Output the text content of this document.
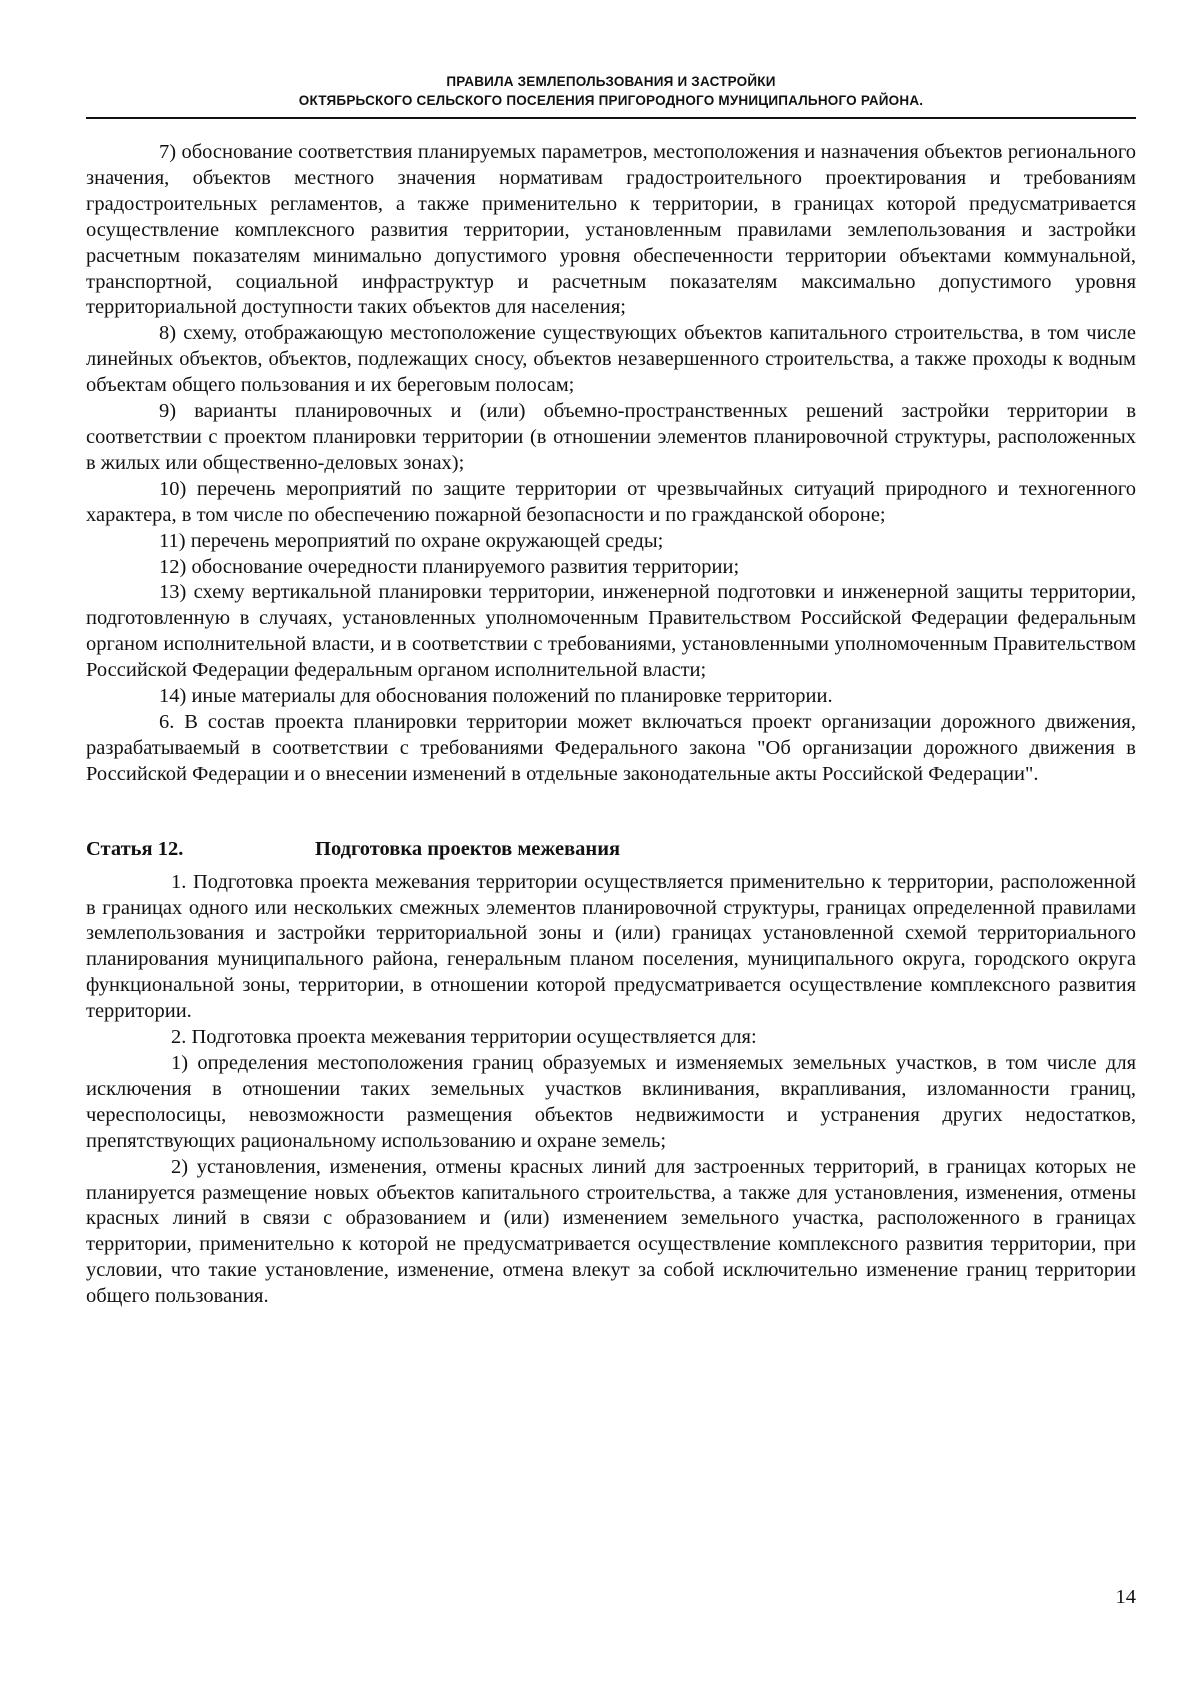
ПРАВИЛА ЗЕМЛЕПОЛЬЗОВАНИЯ И ЗАСТРОЙКИ
ОКТЯБРЬСКОГО СЕЛЬСКОГО ПОСЕЛЕНИЯ ПРИГОРОДНОГО МУНИЦИПАЛЬНОГО РАЙОНА.

7) обоснование соответствия планируемых параметров, местоположения и назначения объектов регионального значения, объектов местного значения нормативам градостроительного проектирования и требованиям градостроительных регламентов, а также применительно к территории, в границах которой предусматривается осуществление комплексного развития территории, установленным правилами землепользования и застройки расчетным показателям минимально допустимого уровня обеспеченности территории объектами коммунальной, транспортной, социальной инфраструктур и расчетным показателям максимально допустимого уровня территориальной доступности таких объектов для населения;

8) схему, отображающую местоположение существующих объектов капитального строительства, в том числе линейных объектов, объектов, подлежащих сносу, объектов незавершенного строительства, а также проходы к водным объектам общего пользования и их береговым полосам;

9) варианты планировочных и (или) объемно-пространственных решений застройки территории в соответствии с проектом планировки территории (в отношении элементов планировочной структуры, расположенных в жилых или общественно-деловых зонах);

10) перечень мероприятий по защите территории от чрезвычайных ситуаций природного и техногенного характера, в том числе по обеспечению пожарной безопасности и по гражданской обороне;

11) перечень мероприятий по охране окружающей среды;

12) обоснование очередности планируемого развития территории;

13) схему вертикальной планировки территории, инженерной подготовки и инженерной защиты территории, подготовленную в случаях, установленных уполномоченным Правительством Российской Федерации федеральным органом исполнительной власти, и в соответствии с требованиями, установленными уполномоченным Правительством Российской Федерации федеральным органом исполнительной власти;

14) иные материалы для обоснования положений по планировке территории.

6. В состав проекта планировки территории может включаться проект организации дорожного движения, разрабатываемый в соответствии с требованиями Федерального закона "Об организации дорожного движения в Российской Федерации и о внесении изменений в отдельные законодательные акты Российской Федерации".

Статья 12.	Подготовка проектов межевания

1. Подготовка проекта межевания территории осуществляется применительно к территории, расположенной в границах одного или нескольких смежных элементов планировочной структуры, границах определенной правилами землепользования и застройки территориальной зоны и (или) границах установленной схемой территориального планирования муниципального района, генеральным планом поселения, муниципального округа, городского округа функциональной зоны, территории, в отношении которой предусматривается осуществление комплексного развития территории.

2. Подготовка проекта межевания территории осуществляется для:

1) определения местоположения границ образуемых и изменяемых земельных участков, в том числе для исключения в отношении таких земельных участков вклинивания, вкрапливания, изломанности границ, чересполосицы, невозможности размещения объектов недвижимости и устранения других недостатков, препятствующих рациональному использованию и охране земель;

2) установления, изменения, отмены красных линий для застроенных территорий, в границах которых не планируется размещение новых объектов капитального строительства, а также для установления, изменения, отмены красных линий в связи с образованием и (или) изменением земельного участка, расположенного в границах территории, применительно к которой не предусматривается осуществление комплексного развития территории, при условии, что такие установление, изменение, отмена влекут за собой исключительно изменение границ территории общего пользования.

14
